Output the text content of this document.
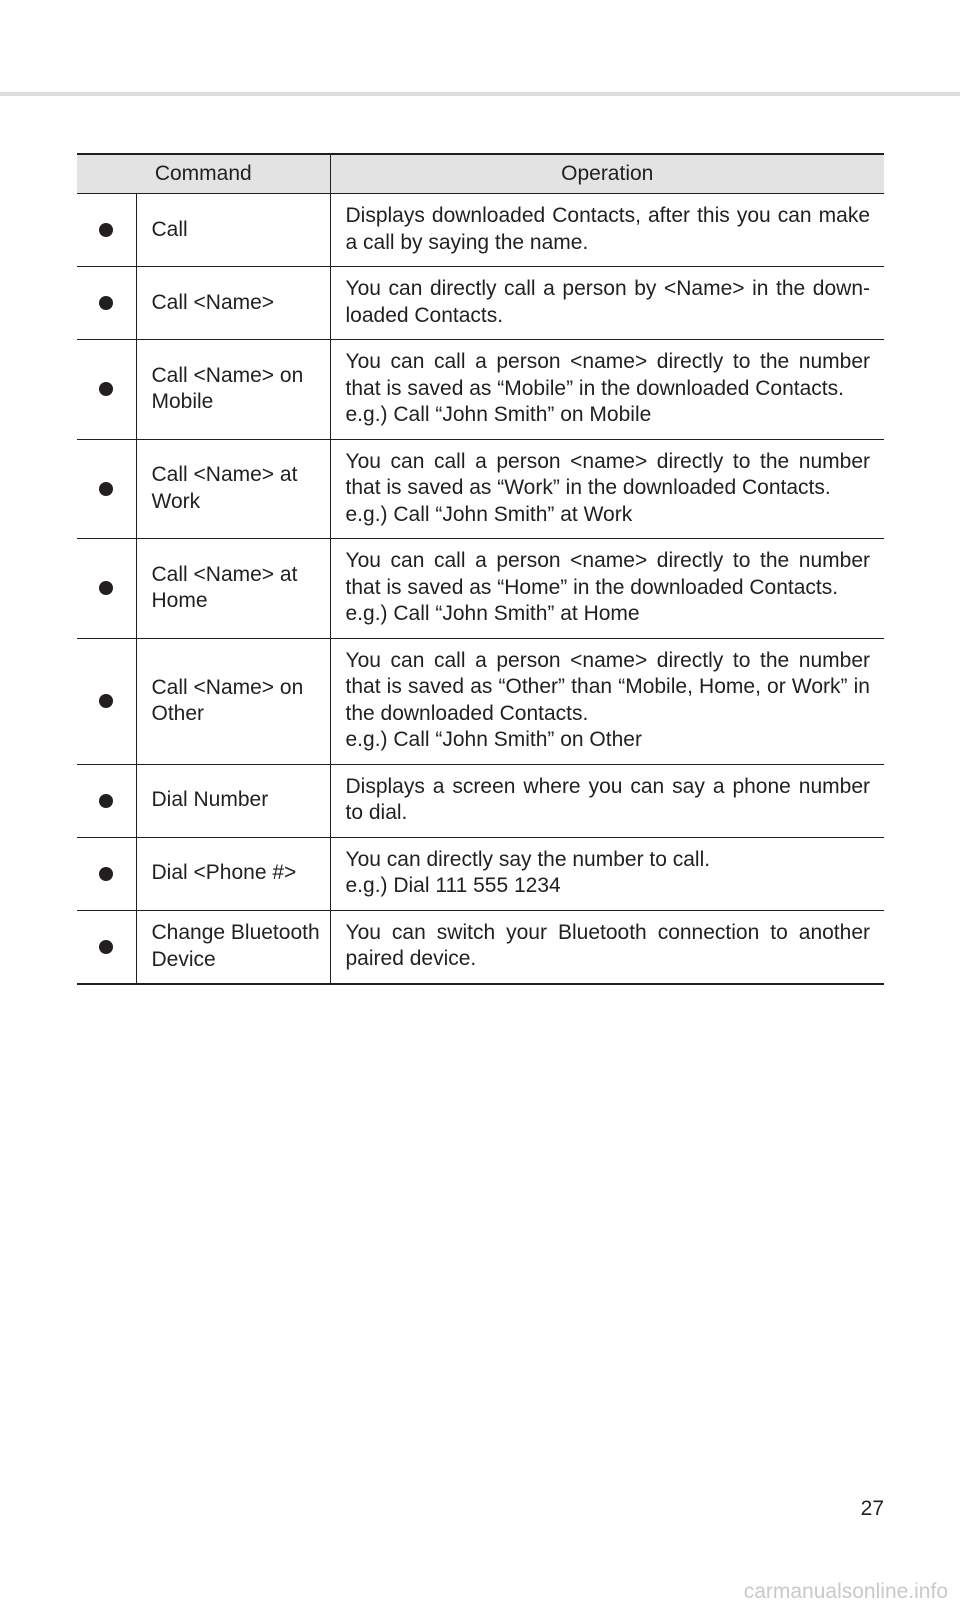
Command		Operation

	Call	Displays downloaded Contacts, after this you can make a call by saying the name.

	Call <Name>	You can directly call a person by <Name> in the down-loaded Contacts.

	Call <Name> on Mobile	You can call a person <name> directly to the number that is saved as “Mobile” in the downloaded Contacts.
e.g.) Call “John Smith” on Mobile

	Call <Name> at Work	You can call a person <name> directly to the number that is saved as “Work” in the downloaded Contacts.
e.g.) Call “John Smith” at Work

	Call <Name> at Home	You can call a person <name> directly to the number that is saved as “Home” in the downloaded Contacts.
e.g.) Call “John Smith” at Home

	Call <Name> on Other	You can call a person <name> directly to the number that is saved as “Other” than “Mobile, Home, or Work” in the downloaded Contacts.
e.g.) Call “John Smith” on Other

	Dial Number	Displays a screen where you can say a phone number to dial.

	Dial <Phone #>	You can directly say the number to call.
e.g.) Dial 111 555 1234

	Change Bluetooth Device	You can switch your Bluetooth connection to another paired device.
27
carmanualsonline.info
